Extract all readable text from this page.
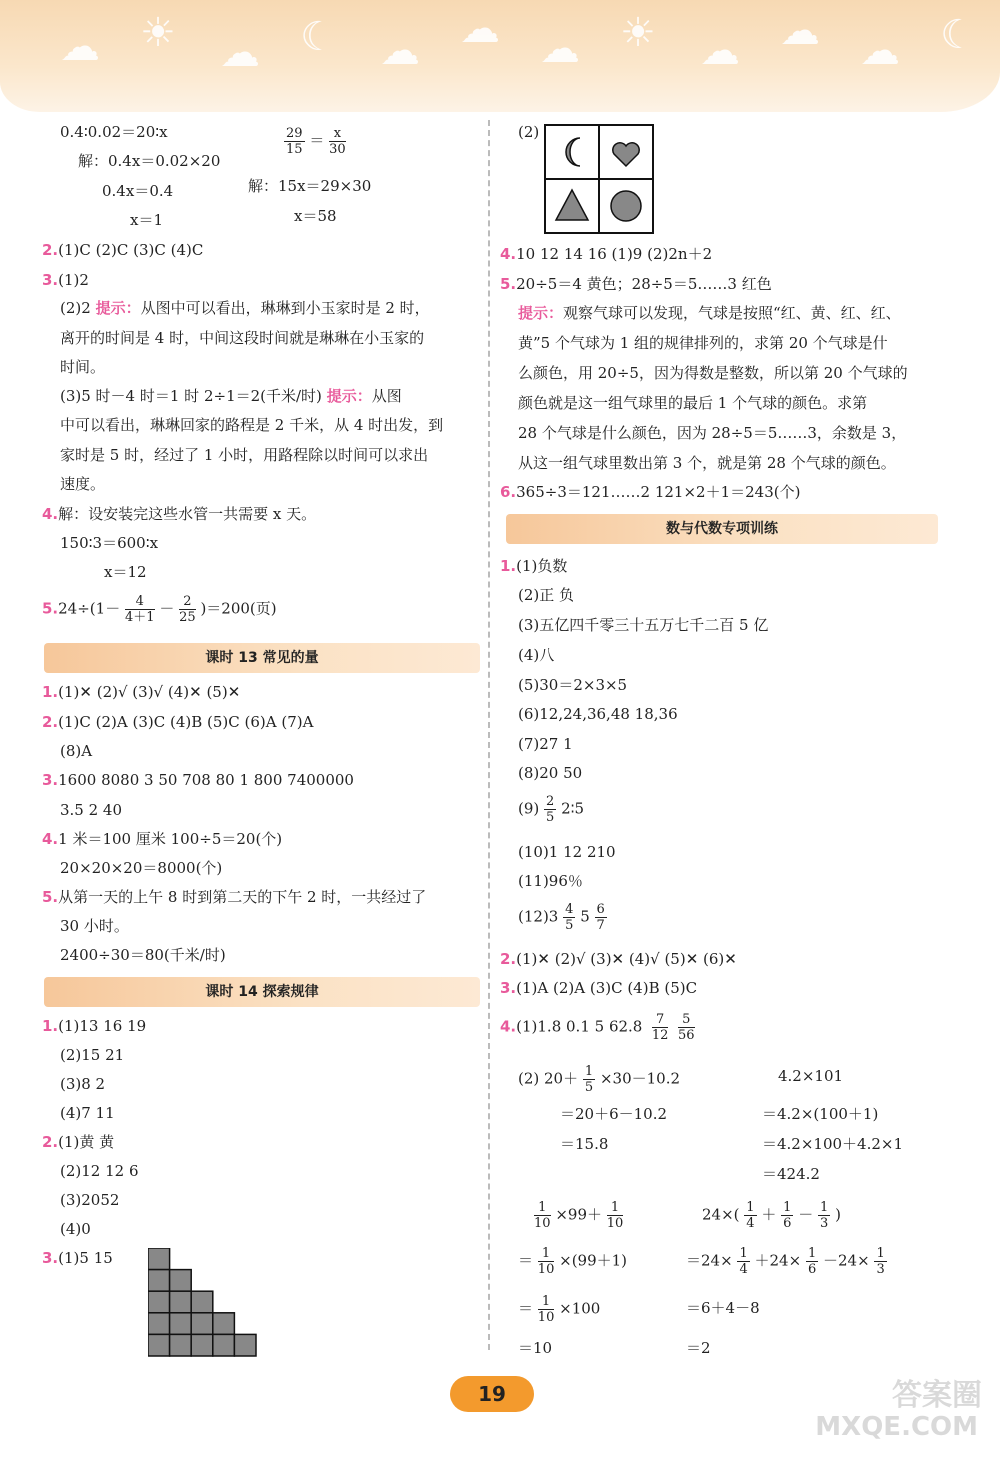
☁ ☀ ☁ ☾ ☁ ☁ ☁ ☀ ☁ ☁ ☁ ☾
0.4∶0.02＝20∶x	$\frac{29}{15} = \frac{x}{30}$
解：0.4x＝0.02×20
0.4x＝0.4	解：15x＝29×30
x＝1	x＝58
2.(1)C (2)C (3)C (4)C
3.(1)2
(2)2 提示：从图中可以看出，琳琳到小玉家时是 2 时，
离开的时间是 4 时，中间这段时间就是琳琳在小玉家的
时间。
(3)5 时－4 时＝1 时 2÷1＝2(千米/时) 提示：从图
中可以看出，琳琳回家的路程是 2 千米，从 4 时出发，到
家时是 5 时，经过了 1 小时，用路程除以时间可以求出
速度。
4.解：设安装完这些水管一共需要 x 天。
150∶3＝600∶x
x＝12
$5.24\div(1- \frac{4}{4+1} - \frac{2}{25} )=200$(页)
课时 13 常见的量
1.(1)✕ (2)√ (3)√ (4)✕ (5)✕
2.(1)C (2)A (3)C (4)B (5)C (6)A (7)A
(8)A
3.1600 8080 3 50 708 80 1 800 7400000
3.5 2 40
4.1 米＝100 厘米 100÷5＝20(个)
20×20×20＝8000(个)
5.从第一天的上午 8 时到第二天的下午 2 时，一共经过了
30 小时。
2400÷30＝80(千米/时)
课时 14 探索规律
1.(1)13 16 19
(2)15 21
(3)8 2
(4)7 11
2.(1)黄 黄
(2)12 12 6
(3)2052
(4)0
3.(1)5 15
(2)
4.10 12 14 16 (1)9 (2)2n＋2
5.20÷5＝4 黄色；28÷5＝5……3 红色
提示：观察气球可以发现，气球是按照“红、黄、红、红、
黄”5 个气球为 1 组的规律排列的，求第 20 个气球是什
么颜色，用 20÷5，因为得数是整数，所以第 20 个气球的
颜色就是这一组气球里的最后 1 个气球的颜色。求第
28 个气球是什么颜色，因为 28÷5＝5……3，余数是 3，
从这一组气球里数出第 3 个，就是第 28 个气球的颜色。
6.365÷3＝121……2 121×2＋1＝243(个)
数与代数专项训练
1.(1)负数
(2)正 负
(3)五亿四千零三十五万七千二百 5 亿
(4)八
(5)30＝2×3×5
(6)12,24,36,48 18,36
(7)27 1
(8)20 50
$(9) \frac{2}{5}$ 2∶5
(10)1 12 210
(11)96％
$(12)3 \frac{4}{5} 5 \frac{6}{7}$
2.(1)✕ (2)√ (3)✕ (4)√ (5)✕ (6)✕
3.(1)A (2)A (3)C (4)B (5)C
4.(1)1.8 0.1 5 $62.8 \frac{7}{12}$
$\frac{5}{56}$
(2) $20+ \frac{1}{5} \times 30-10.2$
＝20＋6－10.2
＝15.8
4.2×101
＝4.2×(100＋1)
＝4.2×100＋4.2×1
＝424.2
$\frac{1}{10} \times 99+ \frac{1}{10}$
＝ $\frac{1}{10} \times(99+1)$
＝ $\frac{1}{10} \times 100$
＝10
$24\times( \frac{1}{4} + \frac{1}{6} - \frac{1}{3}$ )
$=24\times \frac{1}{4} +24\times \frac{1}{6} -24\times \frac{1}{3}$
＝6＋4－8
＝2
19	答案圈
MXQE.COM
